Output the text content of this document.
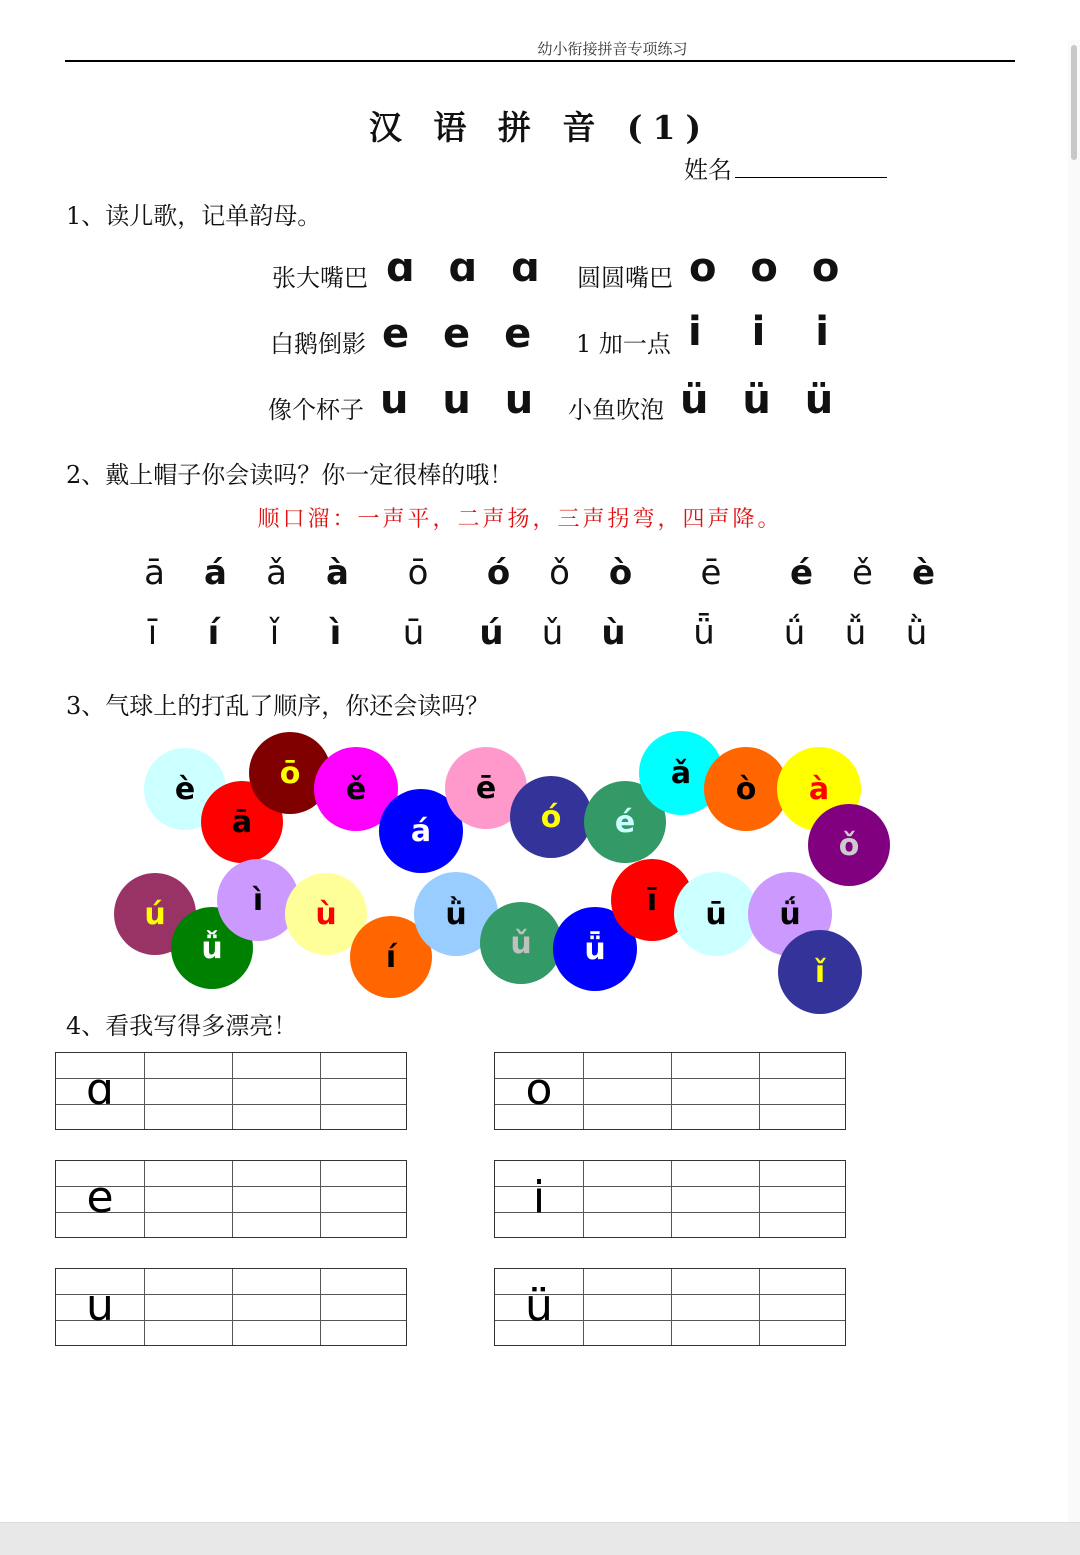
幼小衔接拼音专项练习
汉 语 拼 音 (1)
姓名
1、读儿歌，记单韵母。
张大嘴巴 ɑ ɑ ɑ 圆圆嘴巴 o o o
白鹅倒影 e e e 1 加一点 i i i
像个杯子 u u u 小鱼吹泡 ü ü ü
2、戴上帽子你会读吗？你一定很棒的哦！
顺口溜：一声平，二声扬，三声拐弯，四声降。
ā á ǎ à ō ó ǒ ò ē é ě è
ī í ǐ ì ū ú ǔ ù ǖ ǘ ǚ ǜ
3、气球上的打乱了顺序，你还会读吗？
è
ā
ō	ě
á
ē
ó	é
ǎ	ò	à
ǒ
ú
ǚ
ì	ù
í
ǜ
ǔ	ǖ
ī	ū	ǘ
ǐ
4、看我写得多漂亮！
ɑ	o
e	i
u	ü
